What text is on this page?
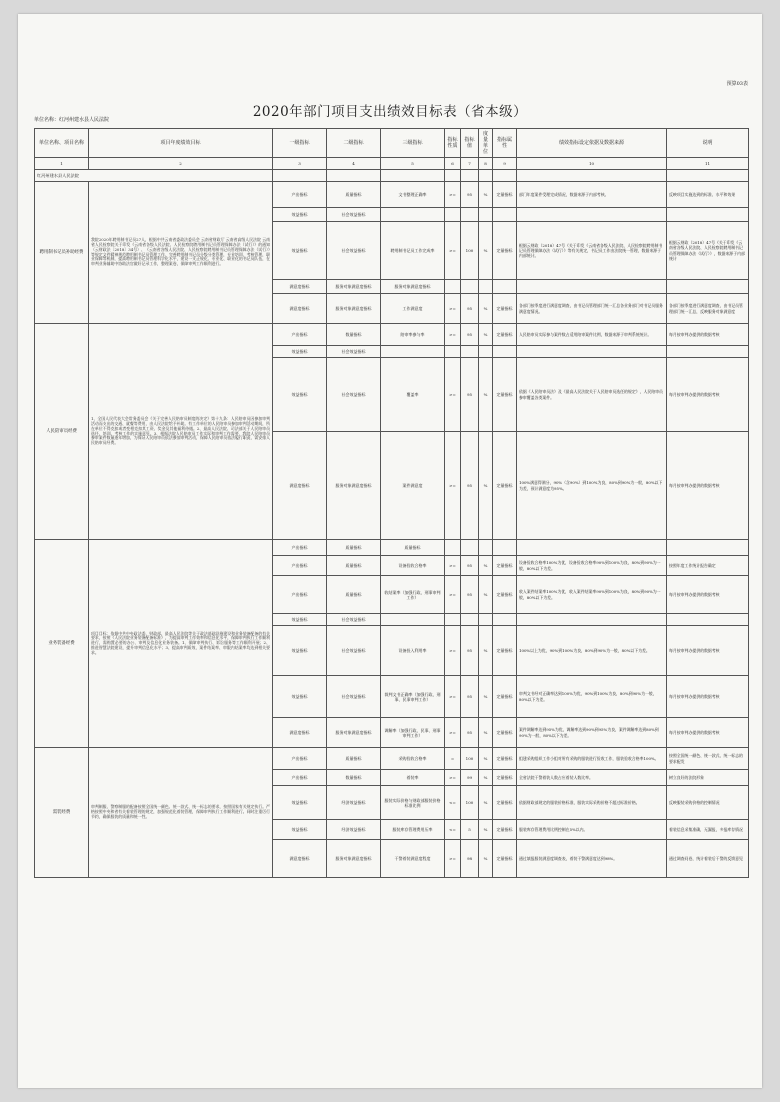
预算03表
2020年部门项目支出绩效目标表（省本级）
单位名称：红河州建水县人民法院
单位名称、项目名称	项目年度绩效目标	一级指标	二级指标	三级指标	指标性质	指标值	度量单位	指标属性	绩效指标设定依据及数据来源	说明
1	2	3	4	5	6	7	8	9	10	11
红河州建水县人民法院										
聘用制书记员补助经费	我院2020年聘用制书记员27人，根据中共云南省委政法委员会 云南省财政厅 云南省高级人民法院 云南省人民检察院关于印发《云南省各级人民法院、人民检察院聘用制书记员管理保障办法（试行）》的通知（云财政法〔2018〕34号）、《云南省各级人民法院、人民检察院聘用制书记员管理保障办法（试行）》等规定文件精神规范聘用制书记员管理工作，完善聘用制书记员分级分类管理，专业培训，考核管理，职业保障等机制，提高聘用制书记员管理科学化水平，建设一支正规化、专业化、职业化的书记员队伍，在审判业务辅助中协助法官做好记录工作，整理案卷，保障审判工作顺利进行。	产出指标	质量指标	文书整理正确率	>=	95	%	定量指标	部门年度案件受理完成情况，数据来源于内部考核。	反映项目实施达到的标准、水平和效果
		效益指标	社会效益指标							
		效益指标	社会效益指标	聘用制书记员工作完成率	>=	100	%	定量指标	根据云财政（2018）47号《关于印发《云南省各级人民法院、人民检察院聘用制书记员管理保障办法（试行）》等有关规定，书记员工作由法院统一管理，数据来源于内部统计。	根据云财政（2018）47号《关于印发《云南省各级人民法院、人民检察院聘用制书记员管理保障办法（试行）》，数据来源于内部统计
		满意度指标	服务对象满意度指标	服务对象满意度指标						
		满意度指标	服务对象满意度指标	工作满意度	>=	95	%	定量指标	各部门按季度进行满意度调查，由书记员管理部门统一汇总各业务部门对书记员服务满意度情况。	各部门按季度进行满意度调查，由书记员管理部门统一汇总，反映服务对象满意度
人民陪审员经费	1、全国人民代表大会常务委员会《关于完善人民陪审员制度的决定》第十九条：人民陪审员因参加审判活动而支出的交通、就餐等费用，由人民法院给予补助。有工作单位的人民陪审员参加审判活动期间，所在单位不得克扣或者变相克扣其工资、奖金及其他福利待遇。2、最高人民法院、司法部关于人民陪审员选任、培训、考核工作的实施意见。3、根据法院人民陪审员工作实际和审判工作需要，我院人民陪审员参审案件数量逐年增加，为保证人民陪审员依法参加审判活动，保障人民陪审员依法履行职责，需安排人民陪审员经费。	产出指标	数量指标	陪审率参与率	>=	95	%	定量指标	人民陪审员实际参与案件数占适用陪审案件比例，数据来源于审判系统统计。	每月按审判办提供的数据考核
		效益指标	社会效益指标							
		效益指标	社会效益指标	覆盖率	>=	95	%	定量指标	依据《人民陪审员法》及《最高人民法院关于人民陪审员选任的规定》，人民陪审员参审覆盖各类案件。	每月按审判办提供的数据考核
		满意度指标	服务对象满意度指标	案件满意度	>=	95	%	定量指标	100%满意得满分，90%（含90%）到100%为良，80%到90%为一般，80%以下为差，预计满意度为95%。	每月按审判办提供的数据考核
业务装备经费	项目目标：依据中共中央政法委、财政部、最高人民法院等关于政法基础设施建设和业务装备配备的有关要求，按照《人民法院业务装备配备标准》，为提高审判工作效率和信息化水平，保障审判执行工作顺利进行，需购置必要的办公、审判及信息化业务装备。1、保障审判执行、诉讼服务等工作顺利开展；2、推进智慧法院建设，提升审判信息化水平；3、提高审判质效，案件结案率、审限内结案率均达到相关要求。	产出指标	质量指标	质量指标						
		产出指标	质量指标	设备验收合格率	>=	95	%	定量指标	设备验收合格率100%为优，设备验收合格率90%到100%为良，80%到90%为一般，80%以下为差。	按照年度工作统计报告确定
		产出指标	质量指标	收结案率（加强行政、刑事审判工作）	>=	95	%	定量指标	收入案件结案率100%为优，收入案件结案率90%到100%为良，80%到90%为一般，80%以下为差。	每月按审判办提供的数据考核
		效益指标	社会效益指标							
		效益指标	社会效益指标	设备投入利用率	>=	95	%	定量指标	100%以上为优，90%到100%为良，80%到90%为一般，80%以下为差。	每月按审判办提供的数据考核
		效益指标	社会效益指标	裁判文书正确率（加强行政、刑事、民事审判工作）	>=	95	%	定量指标	审判文书经对正确率达到100%为优，90%到100%为良，80%到90%为一般，80%以下为差。	每月按审判办提供的数据考核
		满意度指标	服务对象满意度指标	调解率（加强行政、民事、刑事审判工作）	>=	95	%	定量指标	案件调解率达到95%为优，调解率达到90%到95%为良，案件调解率达到80%到90%为一般，80%以下为差。	每月按审判办提供的数据考核
需装经费	审判制服、警察制服的配备按照全国统一颜色、统一款式、统一标志的要求，按照国家有关规定执行。严格按照中央和省有关着装管理的规定，加强规范化着装管理，保障审判执行工作顺利进行。同时注重厉行节约，确保服装的质量和统一性。	产出指标	质量指标	采购验收合格率	=	100	%	定量指标	组建采购组织工作小组对所有采购的服装进行验收工作，服装验收合格率100%。	按照全国统一颜色、统一款式、统一标志的要求配发
		产出指标	数量指标	着装率	>=	99	%	定量指标	全省法院干警着装人数占应着装人数比率。	树立良好的法院形象
		效益指标	经济效益指标	服装实际价格与财政部服装价格标准比例	<=	100	%	定量指标	依据财政部规定的服装价格标准，服装实际采购价格不超过标准价格。	反映服装采购价格的控制情况
		效益指标	经济效益指标	服装库存管理费用压率	<=	5	%	定量指标	服装库存管理费用比例控制在5%以内。	着装信息采集准确，无漏报，多报库存情况
		满意度指标	服务对象满意度指标	干警着装满意度程度	>=	98	%	定量指标	通过填报服装满意度调查表，着装干警满意度达到98%。	通过调查问卷，统计着装后干警的反馈意见
